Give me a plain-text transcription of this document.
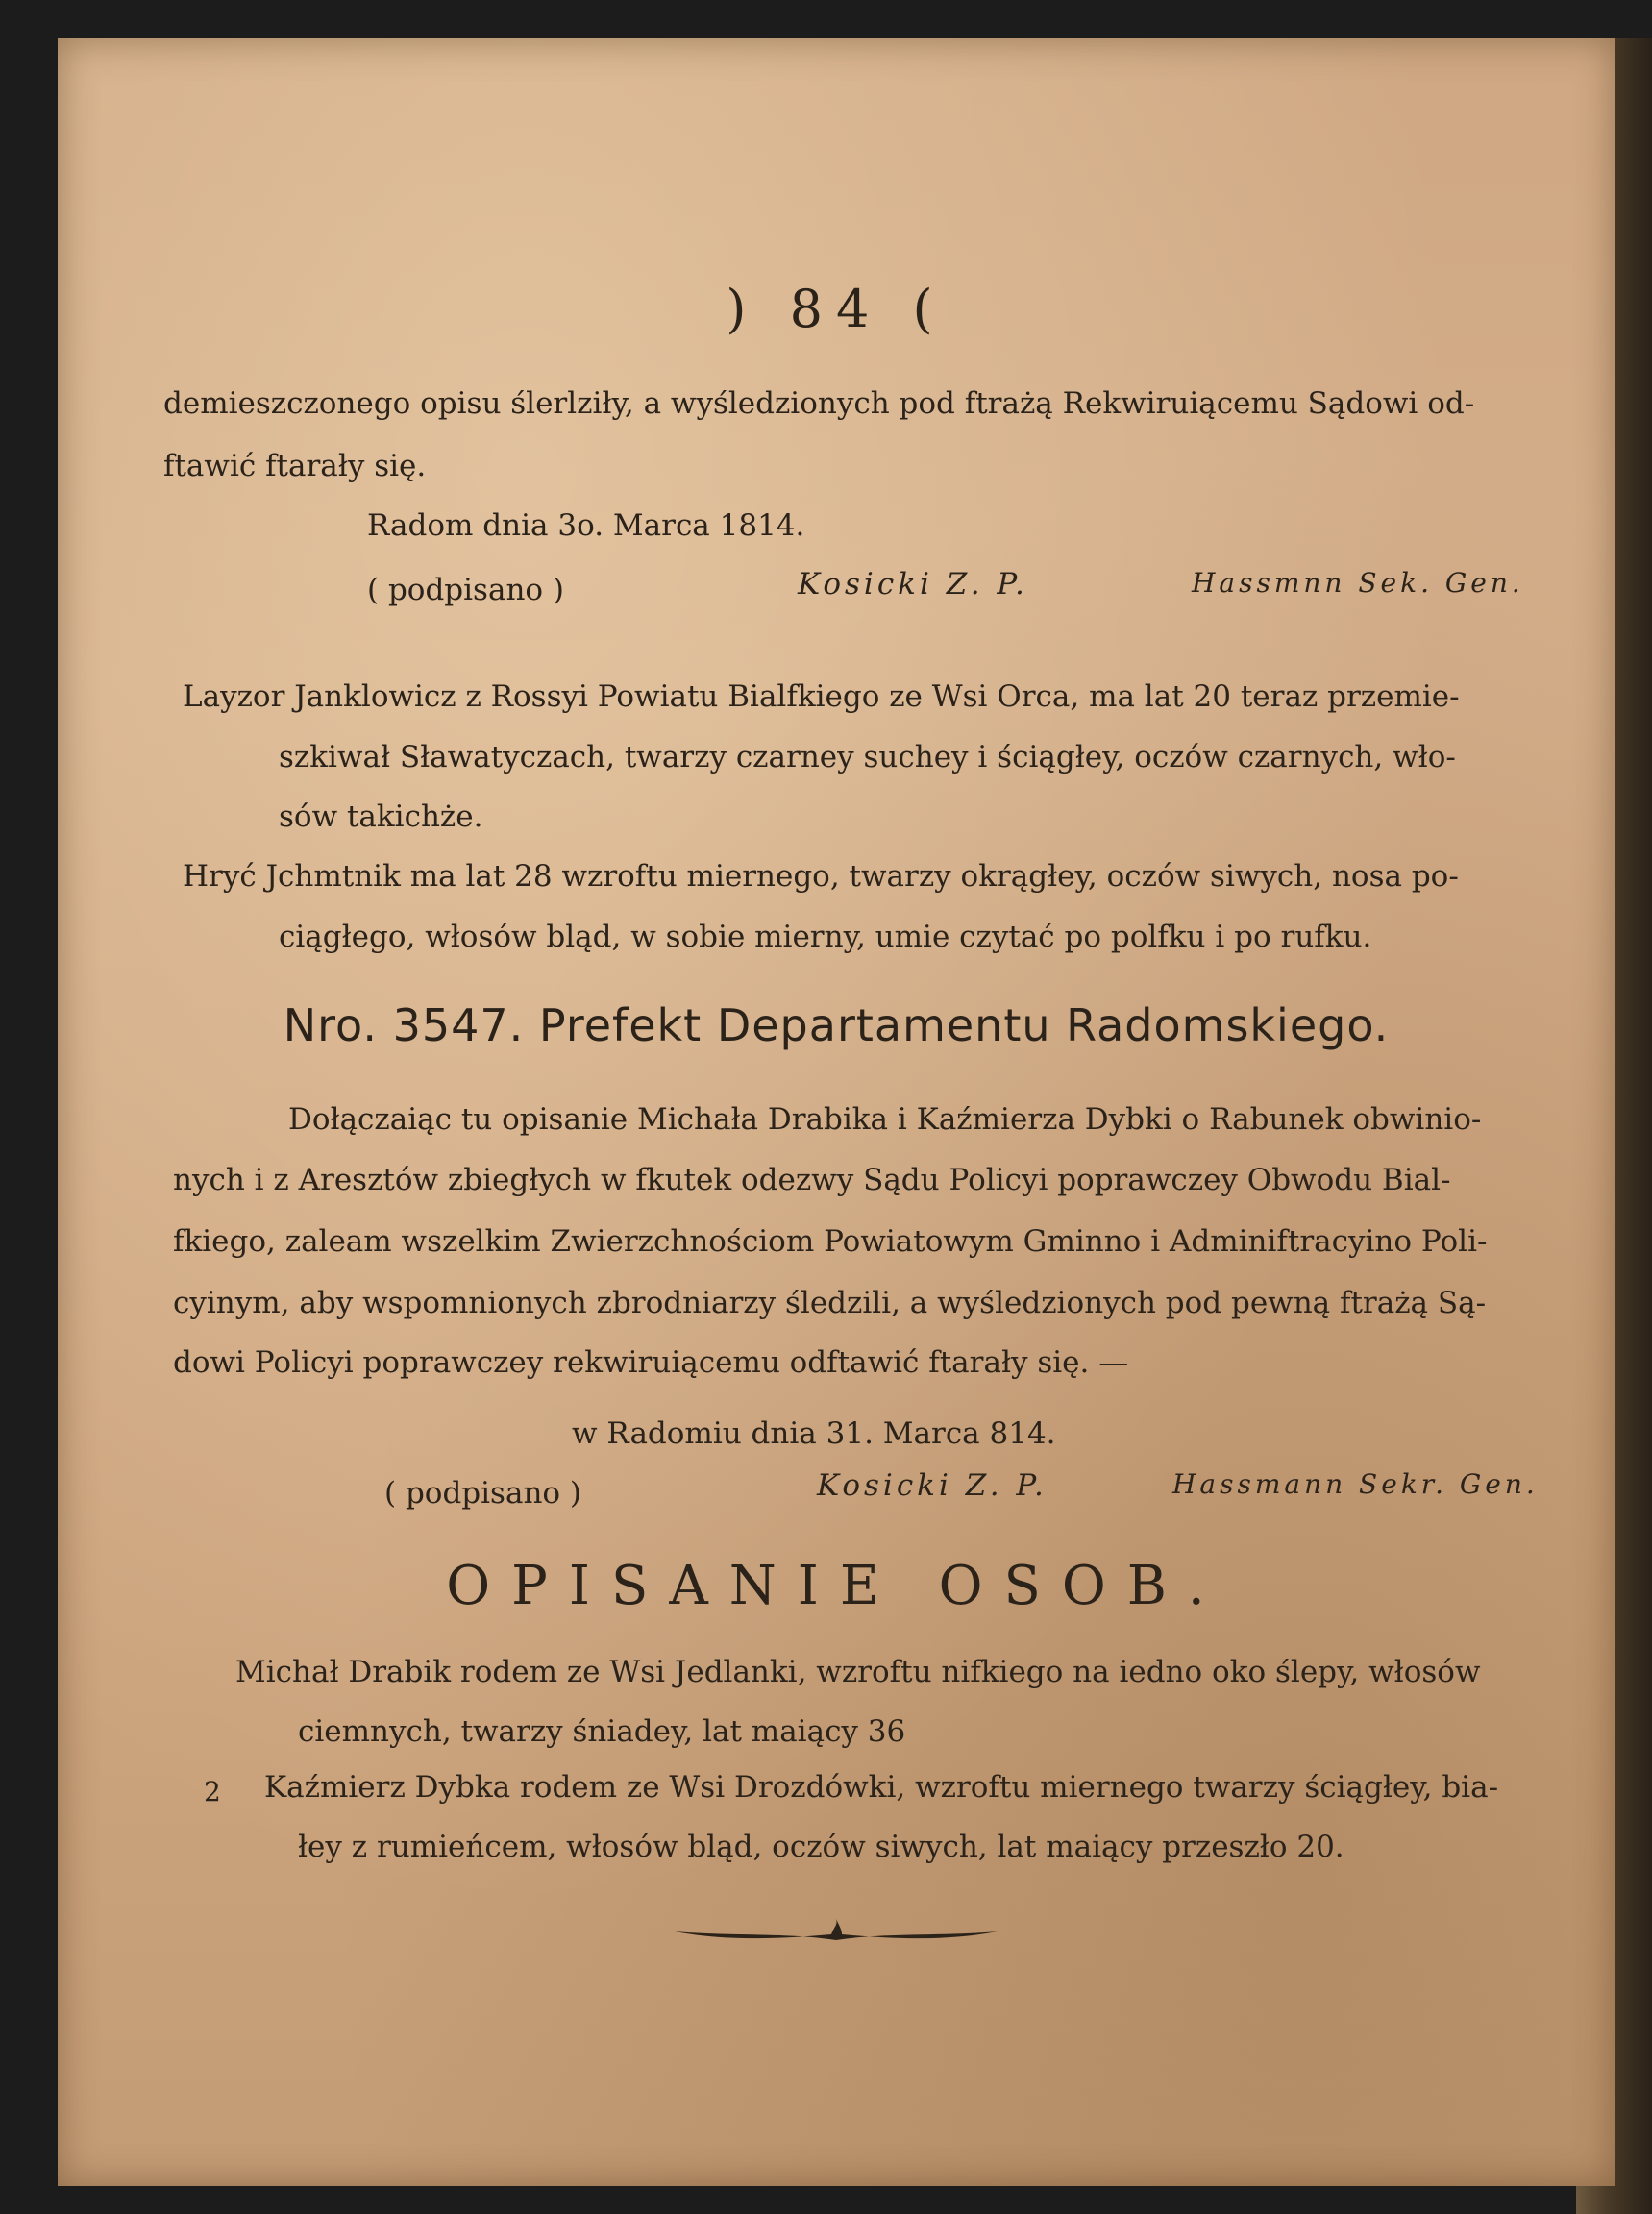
) 84 (
demieszczonego opisu ślerlziły, a wyśledzionych pod ftrażą Rekwiruiącemu Sądowi od-
ftawić ftarały się.
Radom dnia 3o. Marca 1814.
( podpisano )	Kosicki Z. P.	Hassmnn Sek. Gen.
Layzor Janklowicz z Rossyi Powiatu Bialfkiego ze Wsi Orca, ma lat 20 teraz przemie-
szkiwał Sławatyczach, twarzy czarney suchey i ściągłey, oczów czarnych, wło-
sów takichże.
Hryć Jchmtnik ma lat 28 wzroftu miernego, twarzy okrągłey, oczów siwych, nosa po-
ciągłego, włosów bląd, w sobie mierny, umie czytać po polfku i po rufku.
Nro. 3547. Prefekt Departamentu Radomskiego.
Dołączaiąc tu opisanie Michała Drabika i Kaźmierza Dybki o Rabunek obwinio-
nych i z Aresztów zbiegłych w fkutek odezwy Sądu Policyi poprawczey Obwodu Bial-
fkiego, zaleam wszelkim Zwierzchnościom Powiatowym Gminno i Adminiftracyino Poli-
cyinym, aby wspomnionych zbrodniarzy śledzili, a wyśledzionych pod pewną ftrażą Są-
dowi Policyi poprawczey rekwiruiącemu odftawić ftarały się. —
w Radomiu dnia 31. Marca 814.
( podpisano )	Kosicki Z. P.	Hassmann Sekr. Gen.
OPISANIE OSOB.
Michał Drabik rodem ze Wsi Jedlanki, wzroftu nifkiego na iedno oko ślepy, włosów
ciemnych, twarzy śniadey, lat maiący 36
2 Kaźmierz Dybka rodem ze Wsi Drozdówki, wzroftu miernego twarzy ściągłey, bia-
łey z rumieńcem, włosów bląd, oczów siwych, lat maiący przeszło 20.
